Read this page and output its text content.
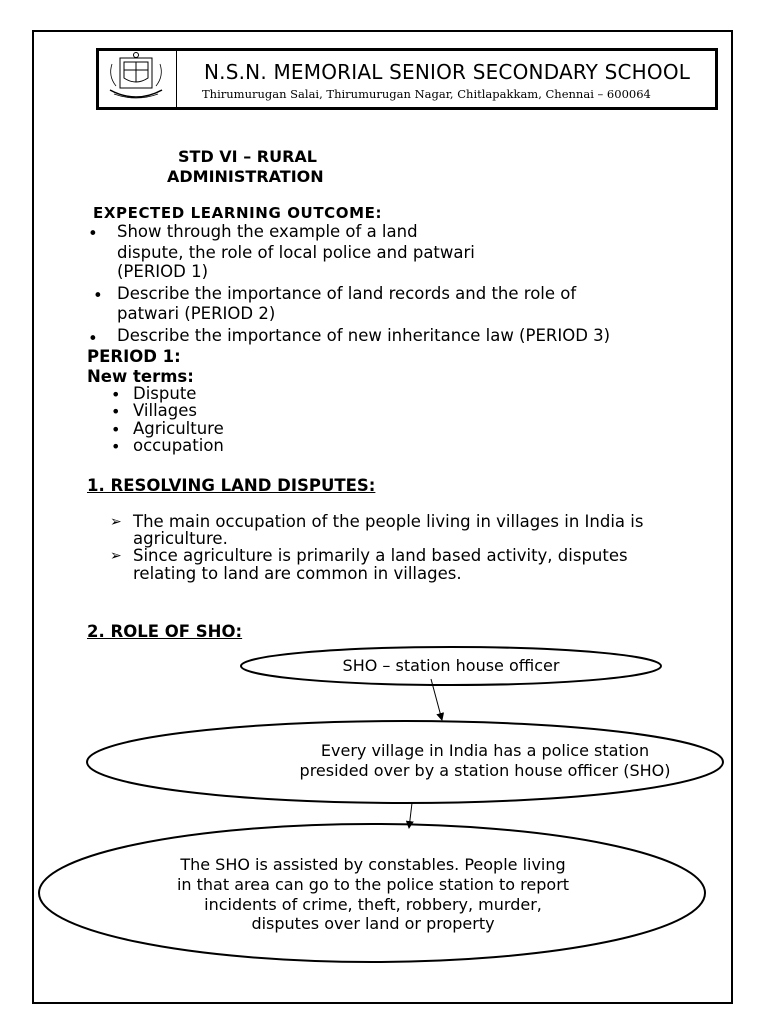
N.S.N. MEMORIAL SENIOR SECONDARY SCHOOL
Thirumurugan Salai, Thirumurugan Nagar, Chitlapakkam, Chennai – 600064
STD VI – RURAL
ADMINISTRATION
EXPECTED LEARNING OUTCOME:
• Show through the example of a land
dispute, the role of local police and patwari
(PERIOD 1)
• Describe the importance of land records and the role of
patwari (PERIOD 2)
• Describe the importance of new inheritance law (PERIOD 3)
PERIOD 1:
New terms:
• Dispute
• Villages
• Agriculture
• occupation
1. RESOLVING LAND DISPUTES:
➢ The main occupation of the people living in villages in India is
agriculture.
➢ Since agriculture is primarily a land based activity, disputes
relating to land are common in villages.
2. ROLE OF SHO:
SHO – station house officer
Every village in India has a police station
presided over by a station house officer (SHO)
The SHO is assisted by constables. People living
in that area can go to the police station to report
incidents of crime, theft, robbery, murder,
disputes over land or property
